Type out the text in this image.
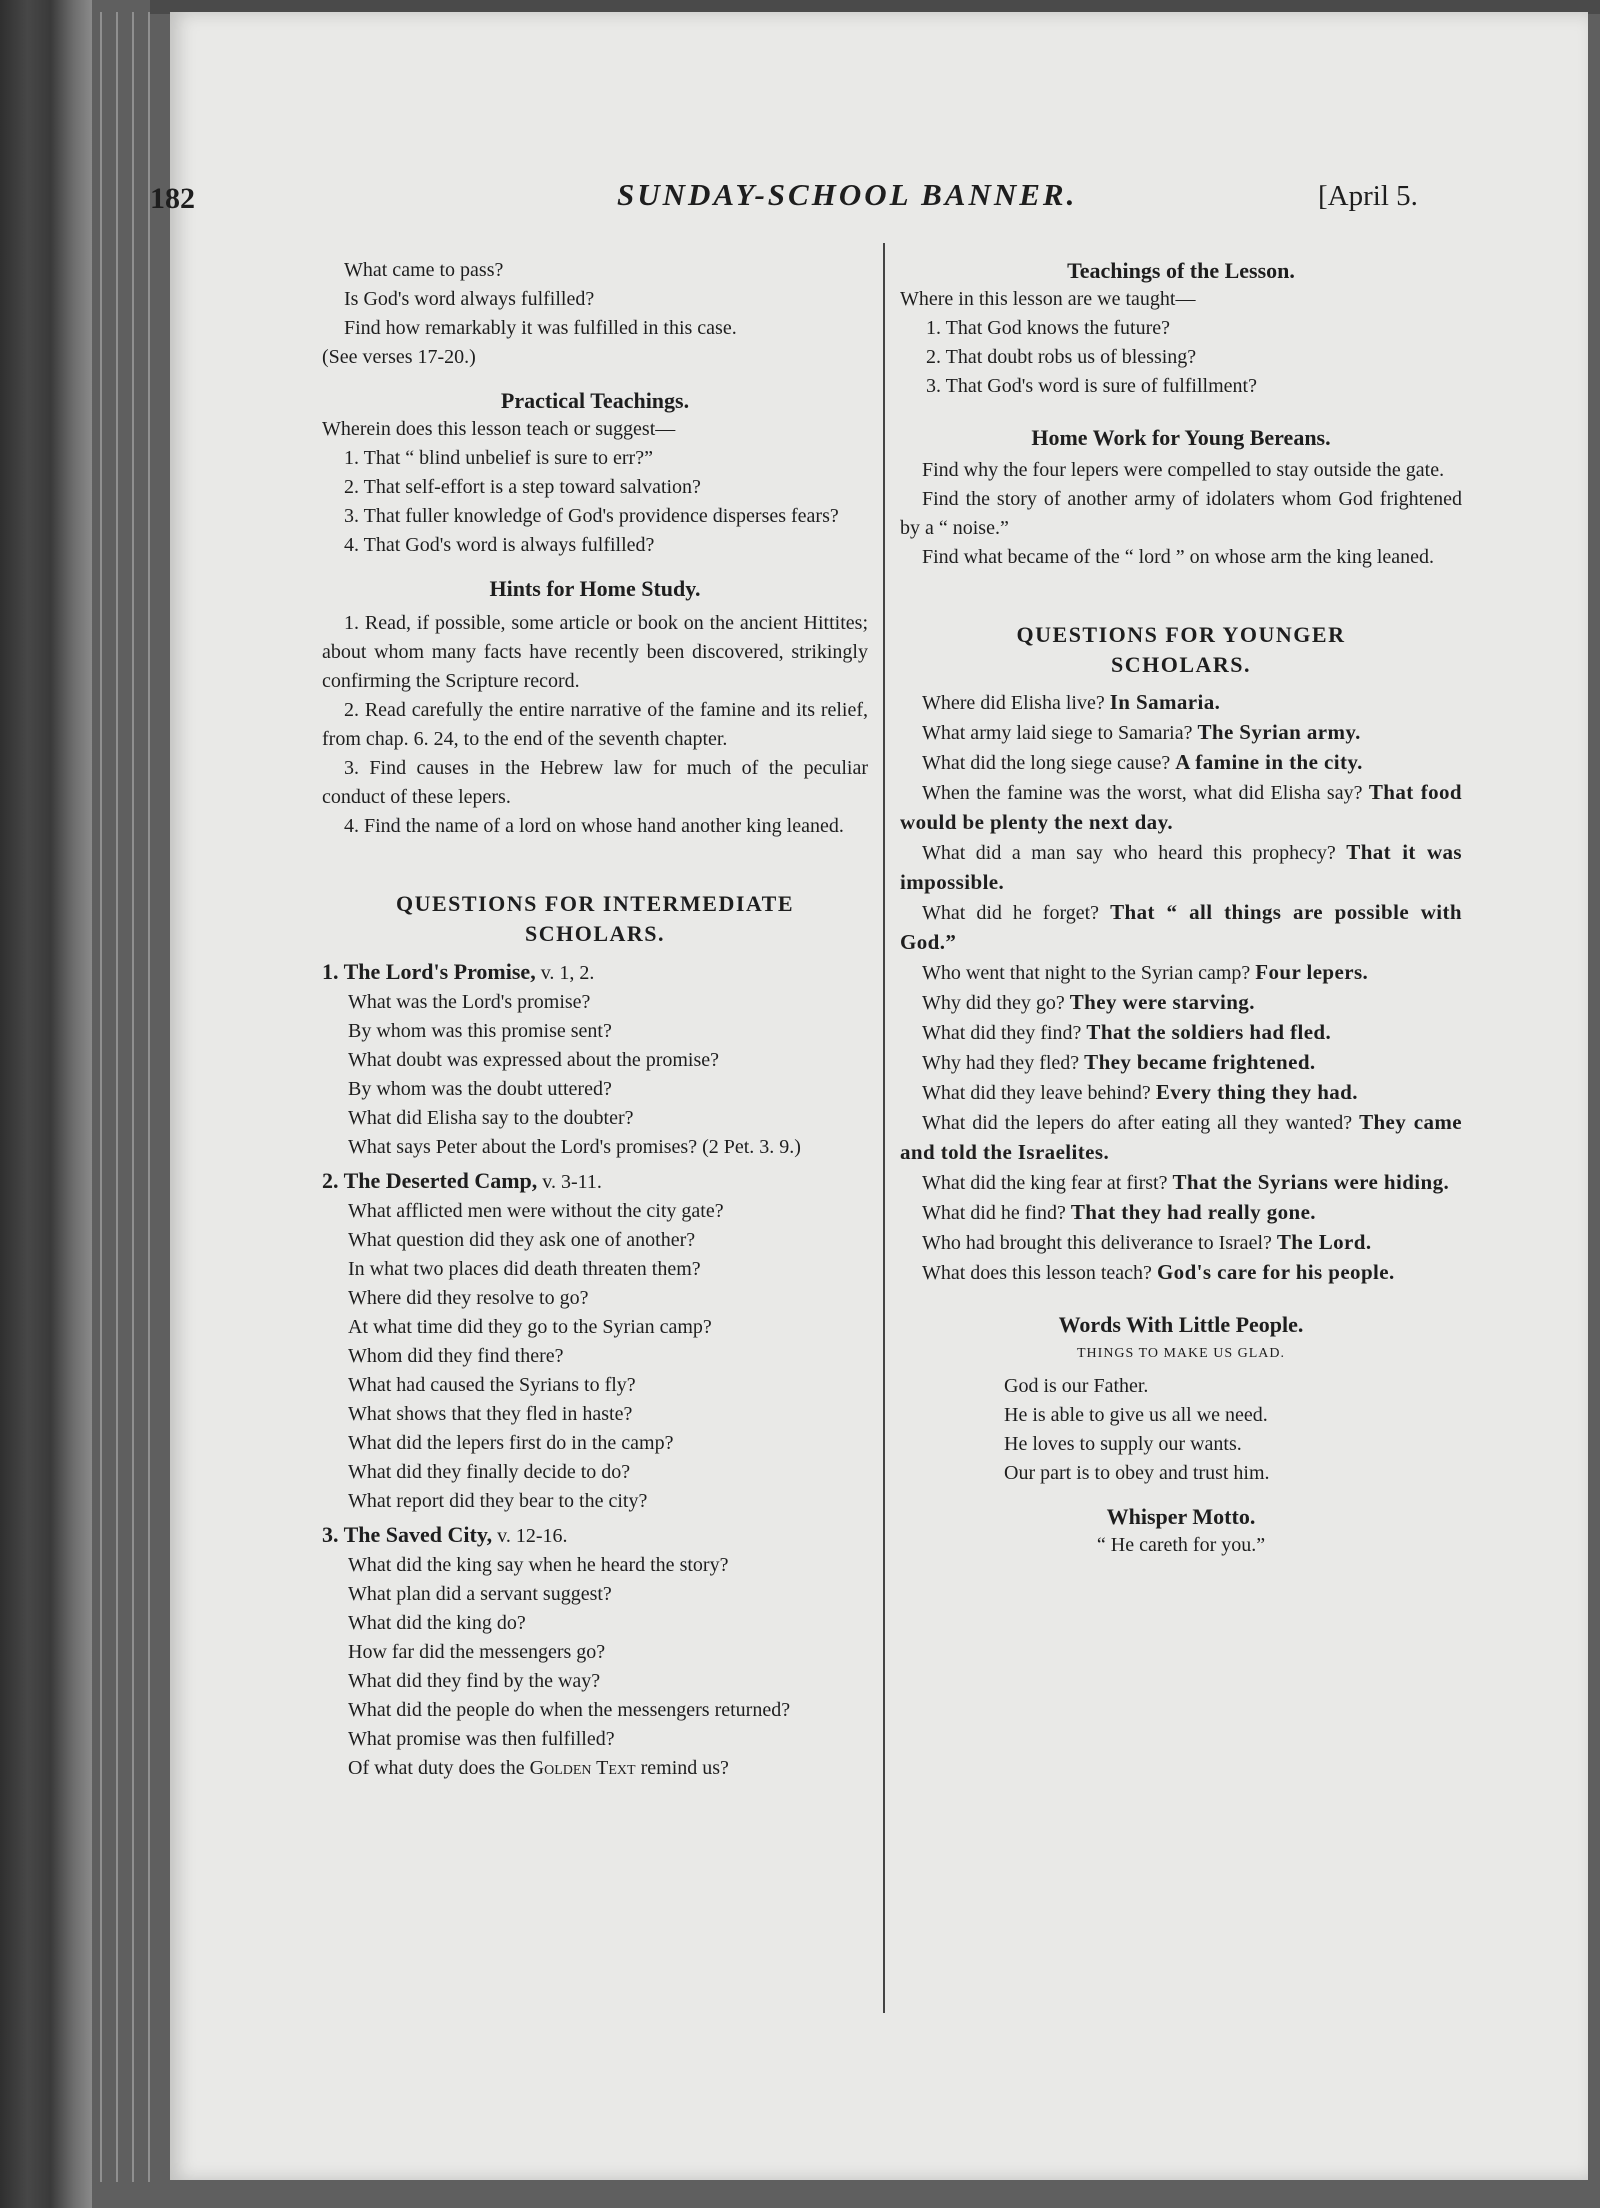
182	SUNDAY-SCHOOL BANNER.	[April 5.

What came to pass?

Is God's word always fulfilled?

Find how remarkably it was fulfilled in this case.

(See verses 17-20.)

Practical Teachings.

Wherein does this lesson teach or suggest—

1. That “ blind unbelief is sure to err?”

2. That self-effort is a step toward salvation?

3. That fuller knowledge of God's providence disperses fears?

4. That God's word is always fulfilled?

Hints for Home Study.

1. Read, if possible, some article or book on the ancient Hittites; about whom many facts have recently been discovered, strikingly confirming the Scripture record.

2. Read carefully the entire narrative of the famine and its relief, from chap. 6. 24, to the end of the seventh chapter.

3. Find causes in the Hebrew law for much of the peculiar conduct of these lepers.

4. Find the name of a lord on whose hand another king leaned.

QUESTIONS FOR INTERMEDIATE

SCHOLARS.

1. The Lord's Promise, v. 1, 2.

What was the Lord's promise?

By whom was this promise sent?

What doubt was expressed about the promise?

By whom was the doubt uttered?

What did Elisha say to the doubter?

What says Peter about the Lord's promises? (2 Pet. 3. 9.)

2. The Deserted Camp, v. 3-11.

What afflicted men were without the city gate?

What question did they ask one of another?

In what two places did death threaten them?

Where did they resolve to go?

At what time did they go to the Syrian camp?

Whom did they find there?

What had caused the Syrians to fly?

What shows that they fled in haste?

What did the lepers first do in the camp?

What did they finally decide to do?

What report did they bear to the city?

3. The Saved City, v. 12-16.

What did the king say when he heard the story?

What plan did a servant suggest?

What did the king do?

How far did the messengers go?

What did they find by the way?

What did the people do when the messengers returned?

What promise was then fulfilled?

Of what duty does the Golden Text remind us?

Teachings of the Lesson.

Where in this lesson are we taught—

1. That God knows the future?

2. That doubt robs us of blessing?

3. That God's word is sure of fulfillment?

Home Work for Young Bereans.

Find why the four lepers were compelled to stay outside the gate.

Find the story of another army of idolaters whom God frightened by a “ noise.”

Find what became of the “ lord ” on whose arm the king leaned.

QUESTIONS FOR YOUNGER

SCHOLARS.

Where did Elisha live? In Samaria.

What army laid siege to Samaria? The Syrian army.

What did the long siege cause? A famine in the city.

When the famine was the worst, what did Elisha say? That food would be plenty the next day.

What did a man say who heard this prophecy? That it was impossible.

What did he forget? That “ all things are possible with God.”

Who went that night to the Syrian camp? Four lepers.

Why did they go? They were starving.

What did they find? That the soldiers had fled.

Why had they fled? They became frightened.

What did they leave behind? Every thing they had.

What did the lepers do after eating all they wanted? They came and told the Israelites.

What did the king fear at first? That the Syrians were hiding.

What did he find? That they had really gone.

Who had brought this deliverance to Israel? The Lord.

What does this lesson teach? God's care for his people.

Words With Little People.

THINGS TO MAKE US GLAD.

God is our Father.

He is able to give us all we need.

He loves to supply our wants.

Our part is to obey and trust him.

Whisper Motto.

“ He careth for you.”
